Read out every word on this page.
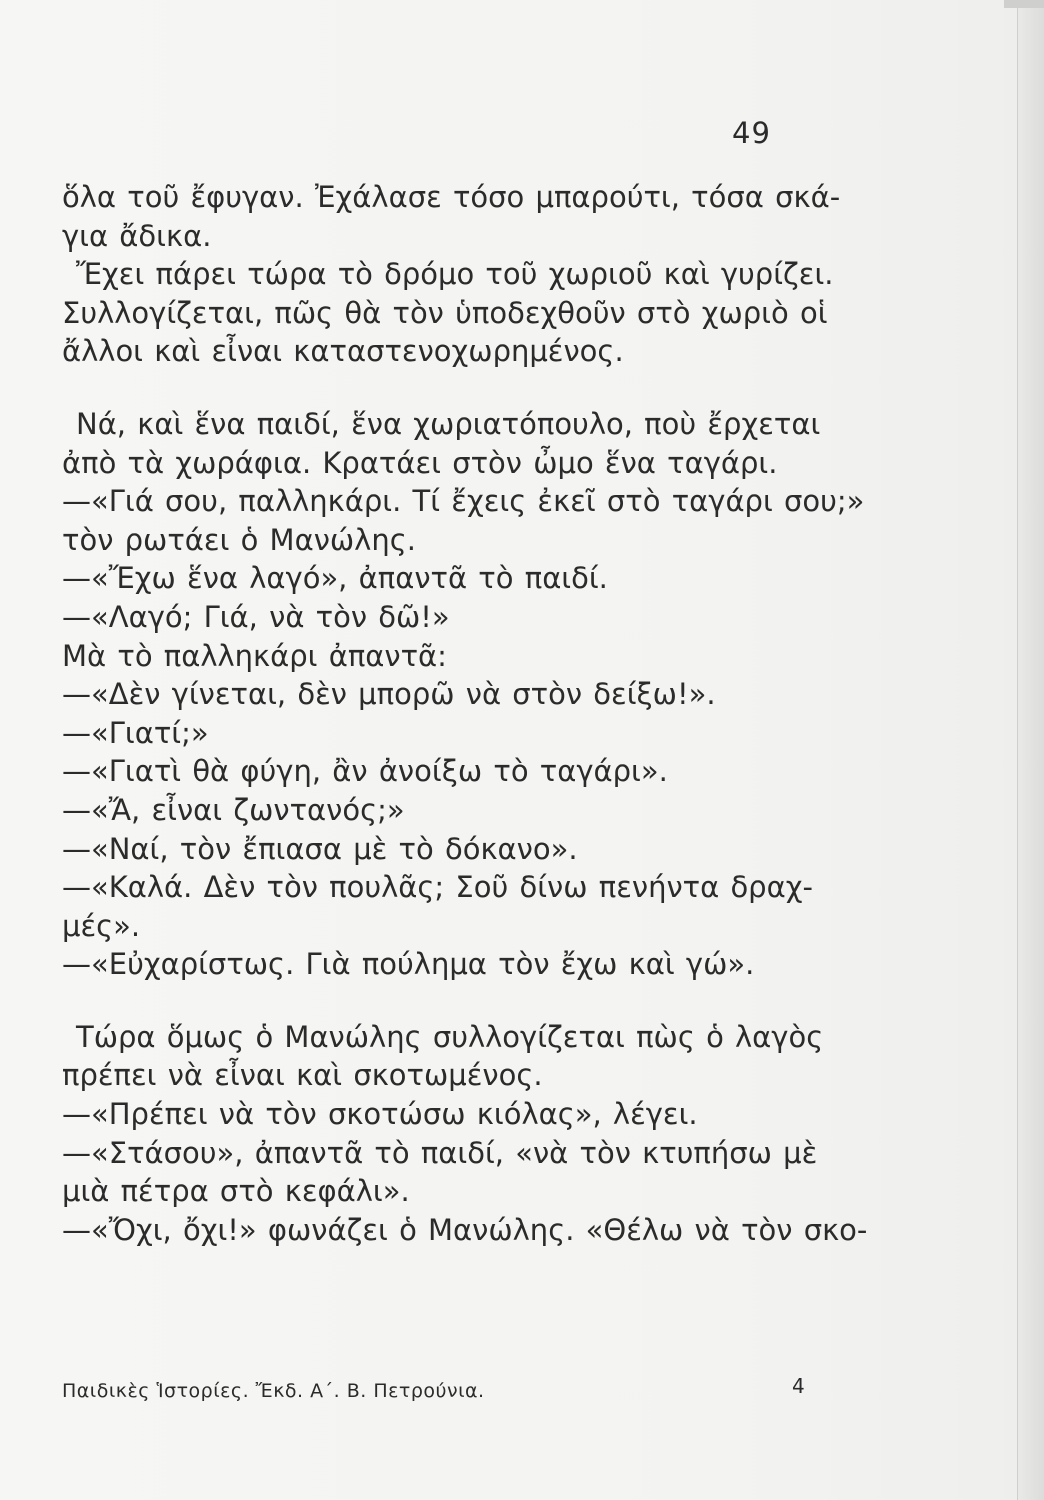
49
ὅλα τοῦ ἔφυγαν. Ἐχάλασε τόσο μπαρούτι, τόσα σκά-
για ἄδικα.
Ἔχει πάρει τώρα τὸ δρόμο τοῦ χωριοῦ καὶ γυρίζει.
Συλλογίζεται, πῶς θὰ τὸν ὑποδεχθοῦν στὸ χωριὸ οἱ
ἄλλοι καὶ εἶναι καταστενοχωρημένος.
Νά, καὶ ἕνα παιδί, ἕνα χωριατόπουλο, ποὺ ἔρχεται
ἀπὸ τὰ χωράφια. Κρατάει στὸν ὦμο ἕνα ταγάρι.
—«Γιά σου, παλληκάρι. Τί ἔχεις ἐκεῖ στὸ ταγάρι σου;»
τὸν ρωτάει ὁ Μανώλης.
—«Ἔχω ἕνα λαγό», ἀπαντᾶ τὸ παιδί.
—«Λαγό; Γιά, νὰ τὸν δῶ!»
Μὰ τὸ παλληκάρι ἀπαντᾶ:
—«Δὲν γίνεται, δὲν μπορῶ νὰ στὸν δείξω!».
—«Γιατί;»
—«Γιατὶ θὰ φύγη, ἂν ἀνοίξω τὸ ταγάρι».
—«Ἄ, εἶναι ζωντανός;»
—«Ναί, τὸν ἔπιασα μὲ τὸ δόκανο».
—«Καλά. Δὲν τὸν πουλᾶς; Σοῦ δίνω πενήντα δραχ-
μές».
—«Εὐχαρίστως. Γιὰ πούλημα τὸν ἔχω καὶ γώ».
Τώρα ὅμως ὁ Μανώλης συλλογίζεται πὼς ὁ λαγὸς
πρέπει νὰ εἶναι καὶ σκοτωμένος.
—«Πρέπει νὰ τὸν σκοτώσω κιόλας», λέγει.
—«Στάσου», ἀπαντᾶ τὸ παιδί, «νὰ τὸν κτυπήσω μὲ
μιὰ πέτρα στὸ κεφάλι».
—«Ὄχι, ὄχι!» φωνάζει ὁ Μανώλης. «Θέλω νὰ τὸν σκο-
Παιδικὲς Ἱστορίες. Ἔκδ. Α΄. Β. Πετρούνια.	4
